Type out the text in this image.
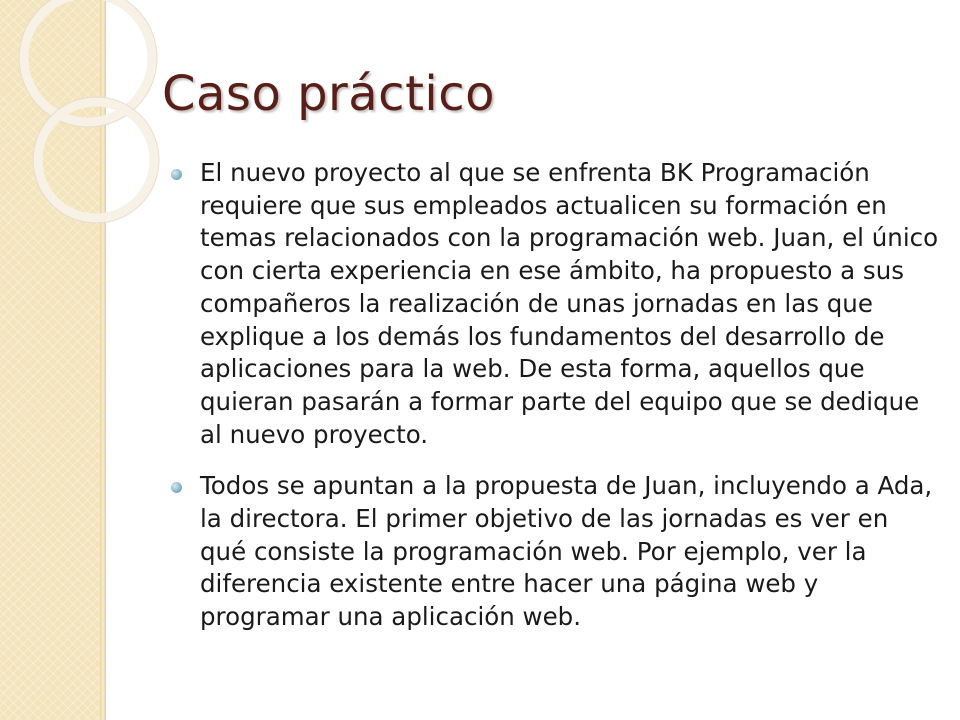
Caso práctico
El nuevo proyecto al que se enfrenta BK Programación requiere que sus empleados actualicen su formación en temas relacionados con la programación web. Juan, el único con cierta experiencia en ese ámbito, ha propuesto a sus compañeros la realización de unas jornadas en las que explique a los demás los fundamentos del desarrollo de aplicaciones para la web. De esta forma, aquellos que quieran pasarán a formar parte del equipo que se dedique al nuevo proyecto.
Todos se apuntan a la propuesta de Juan, incluyendo a Ada, la directora. El primer objetivo de las jornadas es ver en qué consiste la programación web. Por ejemplo, ver la diferencia existente entre hacer una página web y programar una aplicación web.
